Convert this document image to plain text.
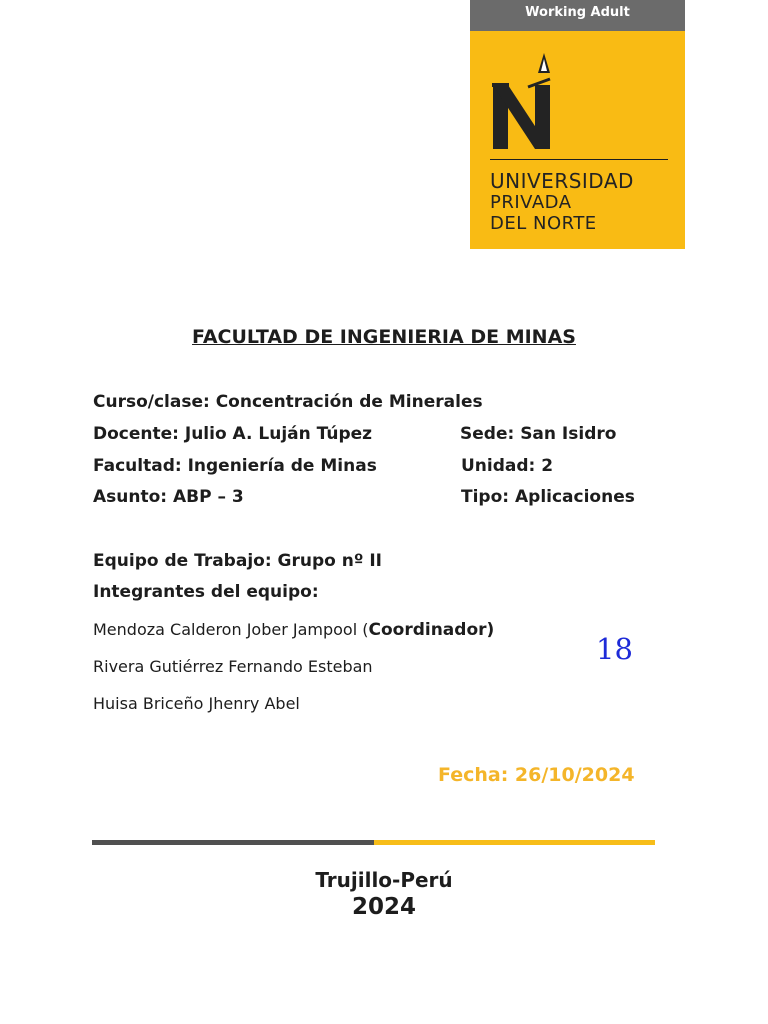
Working Adult
UNIVERSIDAD
PRIVADA
DEL NORTE
FACULTAD DE INGENIERIA DE MINAS
Curso/clase: Concentración de Minerales
Docente: Julio A. Luján Túpez	Sede: San Isidro
Facultad: Ingeniería de Minas	Unidad: 2
Asunto: ABP – 3	Tipo: Aplicaciones
Equipo de Trabajo: Grupo nº II
Integrantes del equipo:
Mendoza Calderon Jober Jampool (Coordinador)
Rivera Gutiérrez Fernando Esteban
Huisa Briceño Jhenry Abel
18
Fecha: 26/10/2024
Trujillo-Perú
2024
